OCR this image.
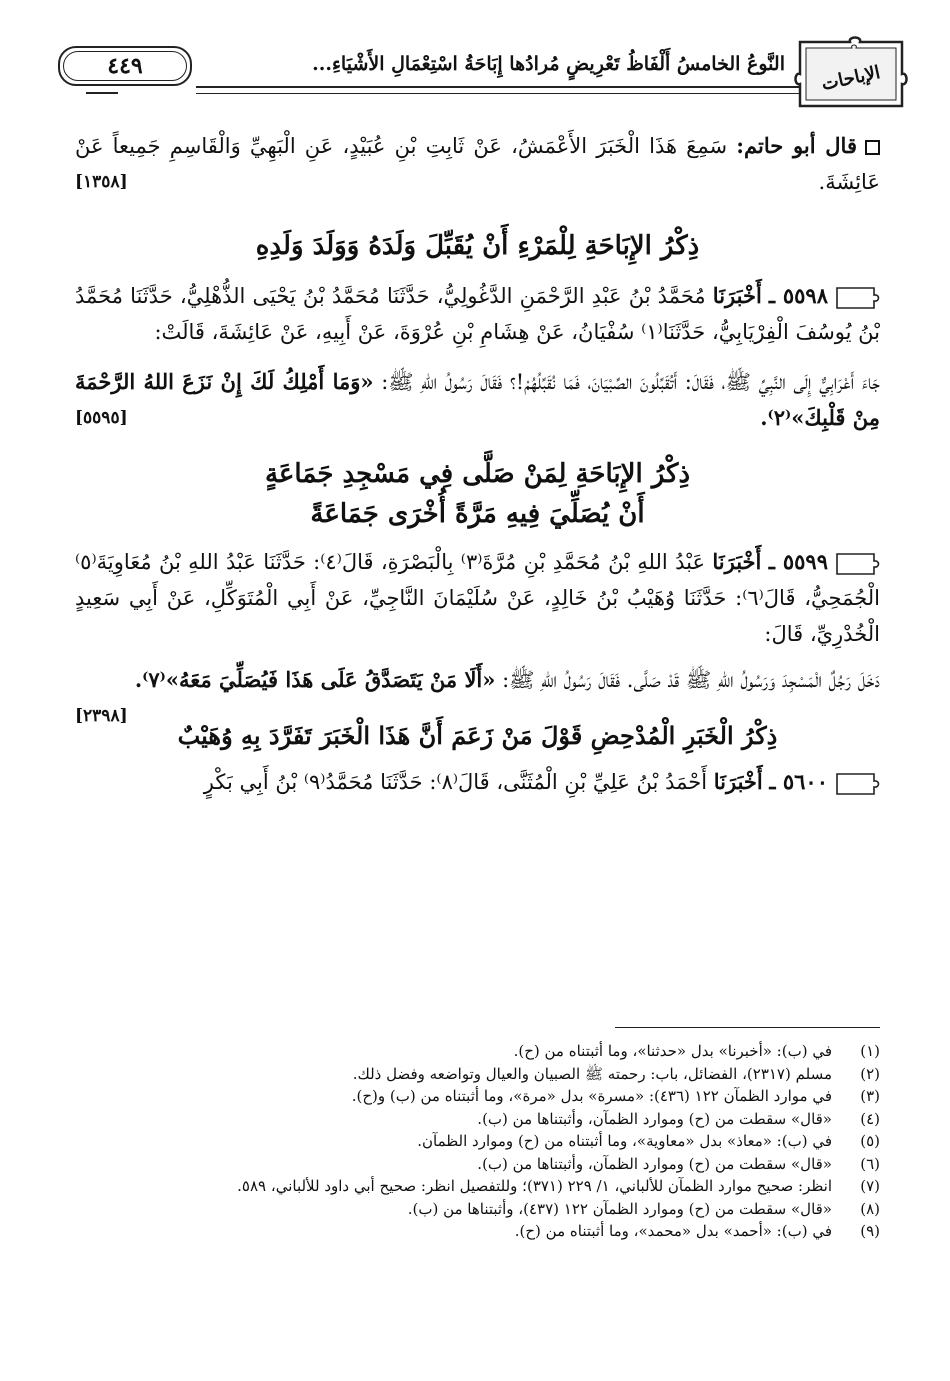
٤٤٩	النَّوعُ الخامسُ أَلْفَاظُ تَعْرِيضٍ مُرادُها إِبَاحَةُ اسْتِعْمَالِ الأَشْيَاءِ... الإباحات

قال أبو حاتم: سَمِعَ هَذَا الْخَبَرَ الأَعْمَشُ، عَنْ ثَابِتِ بْنِ عُبَيْدٍ، عَنِ الْبَهِيِّ وَالْقَاسِمِ جَمِيعاً عَنْ عَائِشَةَ.
[١٣٥٨]

ذِكْرُ الإِبَاحَةِ لِلْمَرْءِ أَنْ يُقَبِّلَ وَلَدَهُ وَوَلَدَ وَلَدِهِ

٥٥٩٨ ـ أَخْبَرَنَا مُحَمَّدُ بْنُ عَبْدِ الرَّحْمَنِ الدَّغُولِيُّ، حَدَّثَنَا مُحَمَّدُ بْنُ يَحْيَى الذُّهْلِيُّ، حَدَّثَنَا مُحَمَّدُ بْنُ يُوسُفَ الْفِرْيَابِيُّ، حَدَّثَنَا⁽١⁾ سُفْيَانُ، عَنْ هِشَامِ بْنِ عُرْوَةَ، عَنْ أَبِيهِ، عَنْ عَائِشَةَ، قَالَتْ:

جَاءَ أَعْرَابِيٌّ إِلَى النَّبِيِّ ﷺ، فَقَالَ: أَتُقَبِّلُونَ الصِّبْيَانَ، فَمَا نُقَبِّلُهُمْ!؟ فَقَالَ رَسُولُ اللهِ ﷺ: «وَمَا أَمْلِكُ لَكَ إِنْ نَزَعَ اللهُ الرَّحْمَةَ مِنْ قَلْبِكَ»⁽٢⁾.
[٥٥٩٥]

ذِكْرُ الإِبَاحَةِ لِمَنْ صَلَّى فِي مَسْجِدِ جَمَاعَةٍ

أَنْ يُصَلِّيَ فِيهِ مَرَّةً أُخْرَى جَمَاعَةً

٥٥٩٩ ـ أَخْبَرَنَا عَبْدُ اللهِ بْنُ مُحَمَّدِ بْنِ مُرَّةَ⁽٣⁾ بِالْبَصْرَةِ، قَالَ⁽٤⁾: حَدَّثَنَا عَبْدُ اللهِ بْنُ مُعَاوِيَةَ⁽٥⁾ الْجُمَحِيُّ، قَالَ⁽٦⁾: حَدَّثَنَا وُهَيْبُ بْنُ خَالِدٍ، عَنْ سُلَيْمَانَ النَّاجِيِّ، عَنْ أَبِي الْمُتَوَكِّلِ، عَنْ أَبِي سَعِيدٍ الْخُدْرِيِّ، قَالَ:

دَخَلَ رَجُلٌ الْمَسْجِدَ وَرَسُولُ اللهِ ﷺ قَدْ صَلَّى. فَقَالَ رَسُولُ اللهِ ﷺ: «أَلَا مَنْ يَتَصَدَّقُ عَلَى هَذَا فَيُصَلِّيَ مَعَهُ»⁽٧⁾.
[٢٣٩٨]

ذِكْرُ الْخَبَرِ الْمُدْحِضِ قَوْلَ مَنْ زَعَمَ أَنَّ هَذَا الْخَبَرَ تَفَرَّدَ بِهِ وُهَيْبٌ

٥٦٠٠ ـ أَخْبَرَنَا أَحْمَدُ بْنُ عَلِيِّ بْنِ الْمُثَنَّى، قَالَ⁽٨⁾: حَدَّثَنَا مُحَمَّدُ⁽٩⁾ بْنُ أَبِي بَكْرٍ

(١)في (ب): «أخبرنا» بدل «حدثنا»، وما أثبتناه من (ح).
(٢)مسلم (٢٣١٧)، الفضائل، باب: رحمته ﷺ الصبيان والعيال وتواضعه وفضل ذلك.
(٣)في موارد الظمآن ١٢٢ (٤٣٦): «مسرة» بدل «مرة»، وما أثبتناه من (ب) و(ح).
(٤)«قال» سقطت من (ح) وموارد الظمآن، وأثبتناها من (ب).
(٥)في (ب): «معاذ» بدل «معاوية»، وما أثبتناه من (ح) وموارد الظمآن.
(٦)«قال» سقطت من (ح) وموارد الظمآن، وأثبتناها من (ب).
(٧)انظر: صحيح موارد الظمآن للألباني، ١/ ٢٢٩ (٣٧١)؛ وللتفصيل انظر: صحيح أبي داود للألباني، ٥٨٩.
(٨)«قال» سقطت من (ح) وموارد الظمآن ١٢٢ (٤٣٧)، وأثبتناها من (ب).
(٩)في (ب): «أحمد» بدل «محمد»، وما أثبتناه من (ح).
